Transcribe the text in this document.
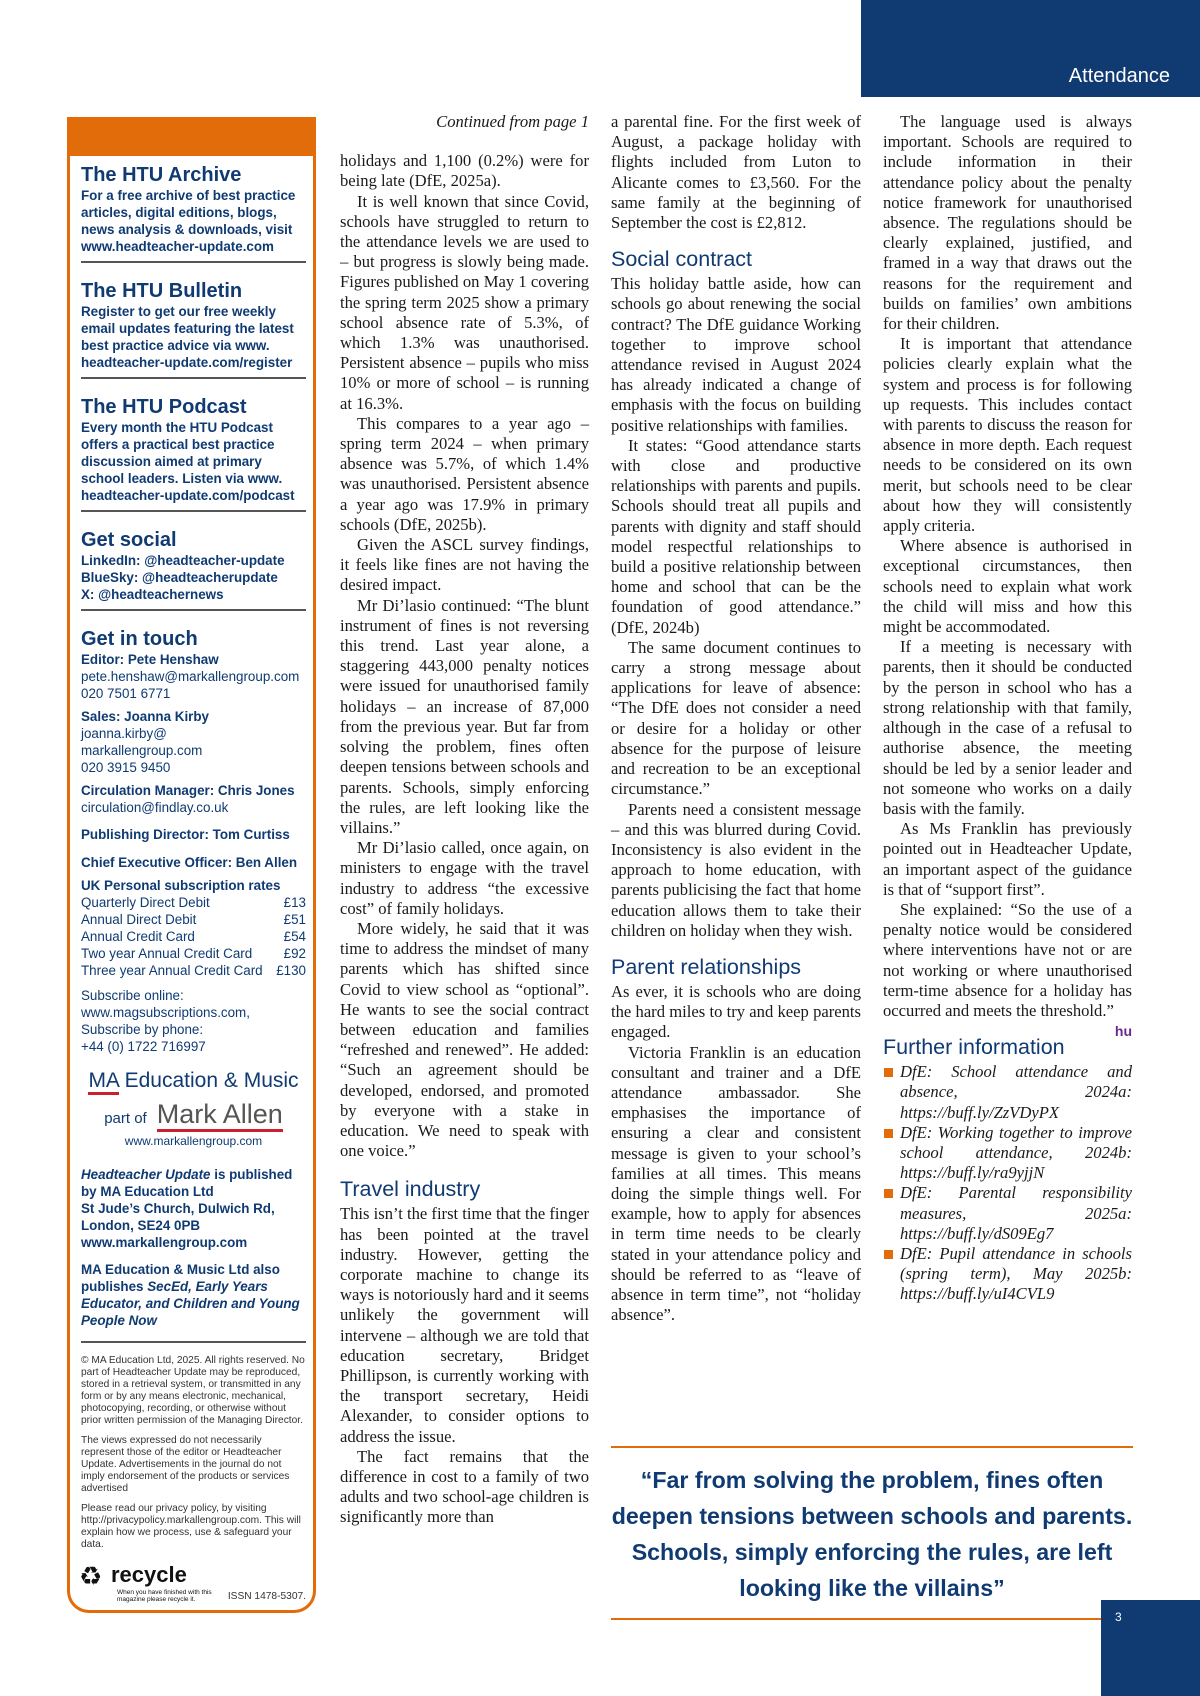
Attendance
The HTU Archive
For a free archive of best practice articles, digital editions, blogs, news analysis & downloads, visit www.headteacher-update.com
The HTU Bulletin
Register to get our free weekly email updates featuring the latest best practice advice via www. headteacher-update.com/register
The HTU Podcast
Every month the HTU Podcast offers a practical best practice discussion aimed at primary school leaders. Listen via www. headteacher-update.com/podcast
Get social
LinkedIn: @headteacher-update
BlueSky: @headteacherupdate
X: @headteachernews
Get in touch
Editor: Pete Henshaw
pete.henshaw@markallengroup.com
020 7501 6771
Sales: Joanna Kirby
joanna.kirby@
markallengroup.com
020 3915 9450
Circulation Manager: Chris Jones
circulation@findlay.co.uk
Publishing Director: Tom Curtiss
Chief Executive Officer: Ben Allen
UK Personal subscription rates
Quarterly Direct Debit	£13
Annual Direct Debit	£51
Annual Credit Card	£54
Two year Annual Credit Card	£92
Three year Annual Credit Card	£130
Subscribe online:
www.magsubscriptions.com,
Subscribe by phone:
+44 (0) 1722 716997
MA Education & Music
part of Mark Allen
www.markallengroup.com
Headteacher Update is published by MA Education Ltd
St Jude’s Church, Dulwich Rd,
London, SE24 0PB
www.markallengroup.com
MA Education & Music Ltd also publishes SecEd, Early Years Educator, and Children and Young People Now
© MA Education Ltd, 2025. All rights reserved. No part of Headteacher Update may be reproduced, stored in a retrieval system, or transmitted in any form or by any means electronic, mechanical, photocopying, recording, or otherwise without prior written permission of the Managing Director.
The views expressed do not necessarily represent those of the editor or Headteacher Update. Advertisements in the journal do not imply endorsement of the products or services advertised
Please read our privacy policy, by visiting http://privacypolicy.markallengroup.com. This will explain how we process, use & safeguard your data.
♻ recycle
When you have finished with this magazine please recycle it.	ISSN 1478-5307.
Continued from page 1

holidays and 1,100 (0.2%) were for being late (DfE, 2025a).

It is well known that since Covid, schools have struggled to return to the attendance levels we are used to – but progress is slowly being made. Figures published on May 1 covering the spring term 2025 show a primary school absence rate of 5.3%, of which 1.3% was unauthorised. Persistent absence – pupils who miss 10% or more of school – is running at 16.3%.

This compares to a year ago – spring term 2024 – when primary absence was 5.7%, of which 1.4% was unauthorised. Persistent absence a year ago was 17.9% in primary schools (DfE, 2025b).

Given the ASCL survey findings, it feels like fines are not having the desired impact.

Mr Di’lasio continued: “The blunt instrument of fines is not reversing this trend. Last year alone, a staggering 443,000 penalty notices were issued for unauthorised family holidays – an increase of 87,000 from the previous year. But far from solving the problem, fines often deepen tensions between schools and parents. Schools, simply enforcing the rules, are left looking like the villains.”

Mr Di’lasio called, once again, on ministers to engage with the travel industry to address “the excessive cost” of family holidays.

More widely, he said that it was time to address the mindset of many parents which has shifted since Covid to view school as “optional”. He wants to see the social contract between education and families “refreshed and renewed”. He added: “Such an agreement should be developed, endorsed, and promoted by everyone with a stake in education. We need to speak with one voice.”

Travel industry

This isn’t the first time that the finger has been pointed at the travel industry. However, getting the corporate machine to change its ways is notoriously hard and it seems unlikely the government will intervene – although we are told that education secretary, Bridget Phillipson, is currently working with the transport secretary, Heidi Alexander, to consider options to address the issue.

The fact remains that the difference in cost to a family of two adults and two school-age children is significantly more than

a parental fine. For the first week of August, a package holiday with flights included from Luton to Alicante comes to £3,560. For the same family at the beginning of September the cost is £2,812.

Social contract

This holiday battle aside, how can schools go about renewing the social contract? The DfE guidance Working together to improve school attendance revised in August 2024 has already indicated a change of emphasis with the focus on building positive relationships with families.

It states: “Good attendance starts with close and productive relationships with parents and pupils. Schools should treat all pupils and parents with dignity and staff should model respectful relationships to build a positive relationship between home and school that can be the foundation of good attendance.” (DfE, 2024b)

The same document continues to carry a strong message about applications for leave of absence: “The DfE does not consider a need or desire for a holiday or other absence for the purpose of leisure and recreation to be an exceptional circumstance.”

Parents need a consistent message – and this was blurred during Covid. Inconsistency is also evident in the approach to home education, with parents publicising the fact that home education allows them to take their children on holiday when they wish.

Parent relationships

As ever, it is schools who are doing the hard miles to try and keep parents engaged.

Victoria Franklin is an education consultant and trainer and a DfE attendance ambassador. She emphasises the importance of ensuring a clear and consistent message is given to your school’s families at all times. This means doing the simple things well. For example, how to apply for absences in term time needs to be clearly stated in your attendance policy and should be referred to as “leave of absence in term time”, not “holiday absence”.

The language used is always important. Schools are required to include information in their attendance policy about the penalty notice framework for unauthorised absence. The regulations should be clearly explained, justified, and framed in a way that draws out the reasons for the requirement and builds on families’ own ambitions for their children.

It is important that attendance policies clearly explain what the system and process is for following up requests. This includes contact with parents to discuss the reason for absence in more depth. Each request needs to be considered on its own merit, but schools need to be clear about how they will consistently apply criteria.

Where absence is authorised in exceptional circumstances, then schools need to explain what work the child will miss and how this might be accommodated.

If a meeting is necessary with parents, then it should be conducted by the person in school who has a strong relationship with that family, although in the case of a refusal to authorise absence, the meeting should be led by a senior leader and not someone who works on a daily basis with the family.

As Ms Franklin has previously pointed out in Headteacher Update, an important aspect of the guidance is that of “support first”.

She explained: “So the use of a penalty notice would be considered where interventions have not or are not working or where unauthorised term-time absence for a holiday has occurred and meets the threshold.”
hu

Further information
DfE: School attendance and absence, 2024a: https://buff.ly/ZzVDyPX
DfE: Working together to improve school attendance, 2024b: https://buff.ly/ra9yjjN
DfE: Parental responsibility measures, 2025a: https://buff.ly/dS09Eg7
DfE: Pupil attendance in schools (spring term), May 2025b: https://buff.ly/uI4CVL9
“Far from solving the problem, fines often deepen tensions between schools and parents. Schools, simply enforcing the rules, are left looking like the villains”
3
